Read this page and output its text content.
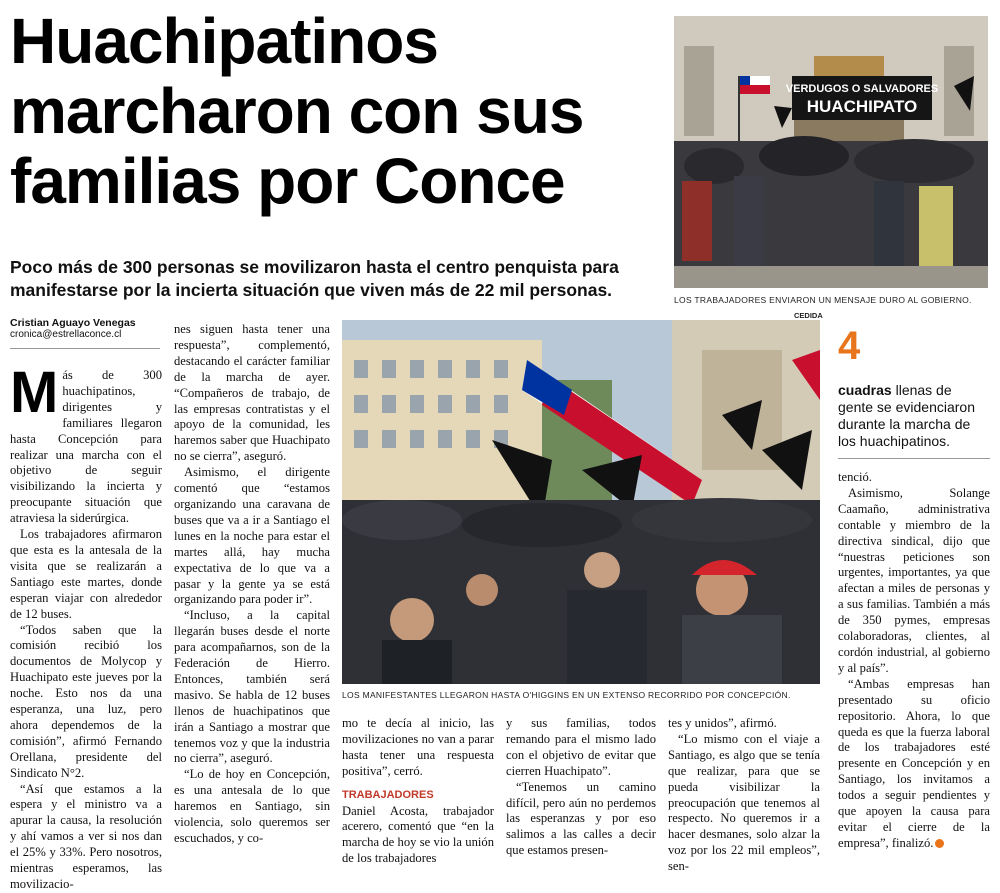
Huachipatinos marcharon con sus familias por Conce

Poco más de 300 personas se movilizaron hasta el centro penquista para manifestarse por la incierta situación que viven más de 22 mil personas.

VERDUGOS O SALVADORES
HUACHIPATO
LOS TRABAJADORES ENVIARON UN MENSAJE DURO AL GOBIERNO.
CEDIDA
Cristian Aguayo Venegas
cronica@estrellaconce.cl
LOS MANIFESTANTES LLEGARON HASTA O'HIGGINS EN UN EXTENSO RECORRIDO POR CONCEPCIÓN.
M ás de 300 huachipatinos, dirigentes y familiares llegaron hasta Concepción para realizar una marcha con el objetivo de seguir visibilizando la incierta y preocupante situación que atraviesa la siderúrgica.

Los trabajadores afirmaron que esta es la antesala de la visita que se realizarán a Santiago este martes, donde esperan viajar con alrededor de 12 buses.

“Todos saben que la comisión recibió los documentos de Molycop y Huachipato este jueves por la noche. Esto nos da una esperanza, una luz, pero ahora dependemos de la comisión”, afirmó Fernando Orellana, presidente del Sindicato N°2.

“Así que estamos a la espera y el ministro va a apurar la causa, la resolución y ahí vamos a ver si nos dan el 25% y 33%. Pero nosotros, mientras esperamos, las movilizacio-

nes siguen hasta tener una respuesta”, complementó, destacando el carácter familiar de la marcha de ayer. “Compañeros de trabajo, de las empresas contratistas y el apoyo de la comunidad, les haremos saber que Huachipato no se cierra”, aseguró.

Asimismo, el dirigente comentó que “estamos organizando una caravana de buses que va a ir a Santiago el lunes en la noche para estar el martes allá, hay mucha expectativa de lo que va a pasar y la gente ya se está organizando para poder ir”.

“Incluso, a la capital llegarán buses desde el norte para acompañarnos, son de la Federación de Hierro. Entonces, también será masivo. Se habla de 12 buses llenos de huachipatinos que irán a Santiago a mostrar que tenemos voz y que la industria no cierra”, aseguró.

“Lo de hoy en Concepción, es una antesala de lo que haremos en Santiago, sin violencia, solo queremos ser escuchados, y co-

mo te decía al inicio, las movilizaciones no van a parar hasta tener una respuesta positiva”, cerró.

TRABAJADORES

Daniel Acosta, trabajador acerero, comentó que “en la marcha de hoy se vio la unión de los trabajadores

y sus familias, todos remando para el mismo lado con el objetivo de evitar que cierren Huachipato”.

“Tenemos un camino difícil, pero aún no perdemos las esperanzas y por eso salimos a las calles a decir que estamos presen-

tes y unidos”, afirmó.

“Lo mismo con el viaje a Santiago, es algo que se tenía que realizar, para que se pueda visibilizar la preocupación que tenemos al respecto. No queremos ir a hacer desmanes, solo alzar la voz por los 22 mil empleos”, sen-

4
cuadras llenas de gente se evidenciaron durante la marcha de los huachipatinos.

tenció.

Asimismo, Solange Caamaño, administrativa contable y miembro de la directiva sindical, dijo que “nuestras peticiones son urgentes, importantes, ya que afectan a miles de personas y a sus familias. También a más de 350 pymes, empresas colaboradoras, clientes, al cordón industrial, al gobierno y al país”.

“Ambas empresas han presentado su oficio repositorio. Ahora, lo que queda es que la fuerza laboral de los trabajadores esté presente en Concepción y en Santiago, los invitamos a todos a seguir pendientes y que apoyen la causa para evitar el cierre de la empresa”, finalizó.
